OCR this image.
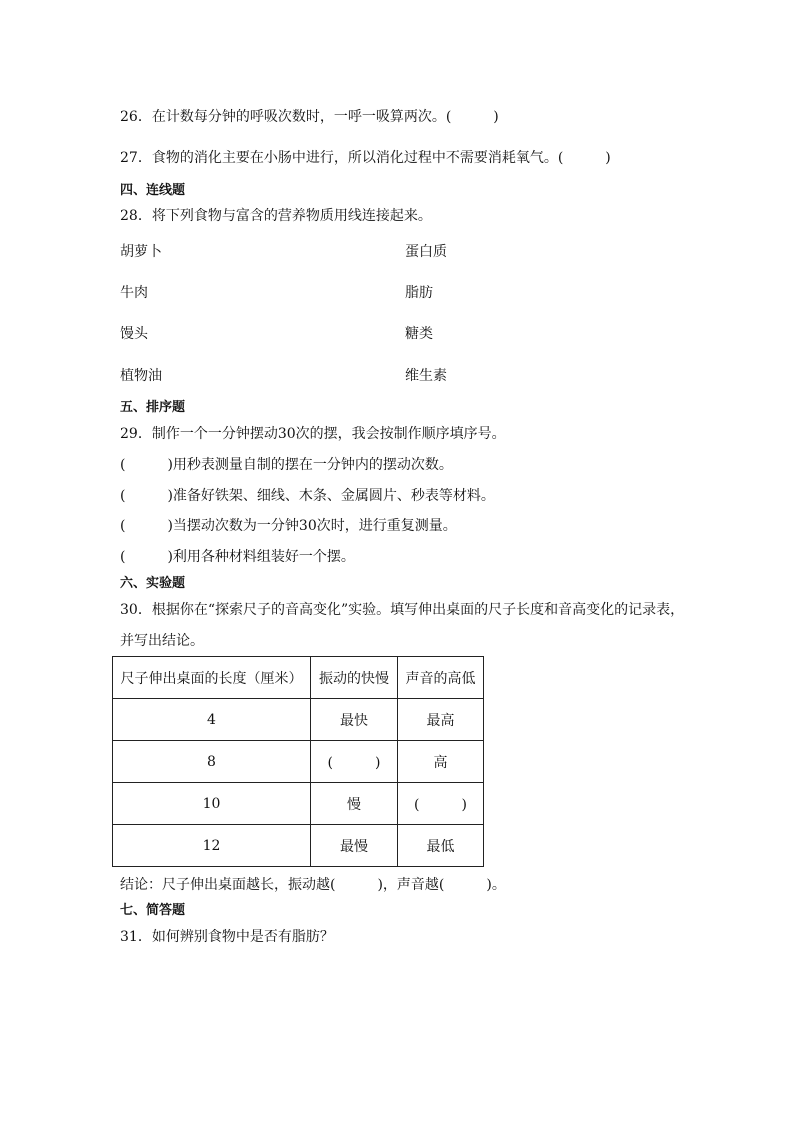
26．在计数每分钟的呼吸次数时，一呼一吸算两次。(　　　)
27．食物的消化主要在小肠中进行，所以消化过程中不需要消耗氧气。(　　　)
四、连线题
28．将下列食物与富含的营养物质用线连接起来。
胡萝卜	蛋白质
牛肉	脂肪
馒头	糖类
植物油	维生素
五、排序题
29．制作一个一分钟摆动30次的摆，我会按制作顺序填序号。
(　　　)用秒表测量自制的摆在一分钟内的摆动次数。
(　　　)准备好铁架、细线、木条、金属圆片、秒表等材料。
(　　　)当摆动次数为一分钟30次时，进行重复测量。
(　　　)利用各种材料组装好一个摆。
六、实验题
30．根据你在“探索尺子的音高变化”实验。填写伸出桌面的尺子长度和音高变化的记录表，
并写出结论。
尺子伸出桌面的长度（厘米）	振动的快慢	声音的高低
4	最快	最高
8	(　　　)	高
10	慢	(　　　)
12	最慢	最低
结论：尺子伸出桌面越长，振动越(　　　)，声音越(　　　)。
七、简答题
31．如何辨别食物中是否有脂肪？
